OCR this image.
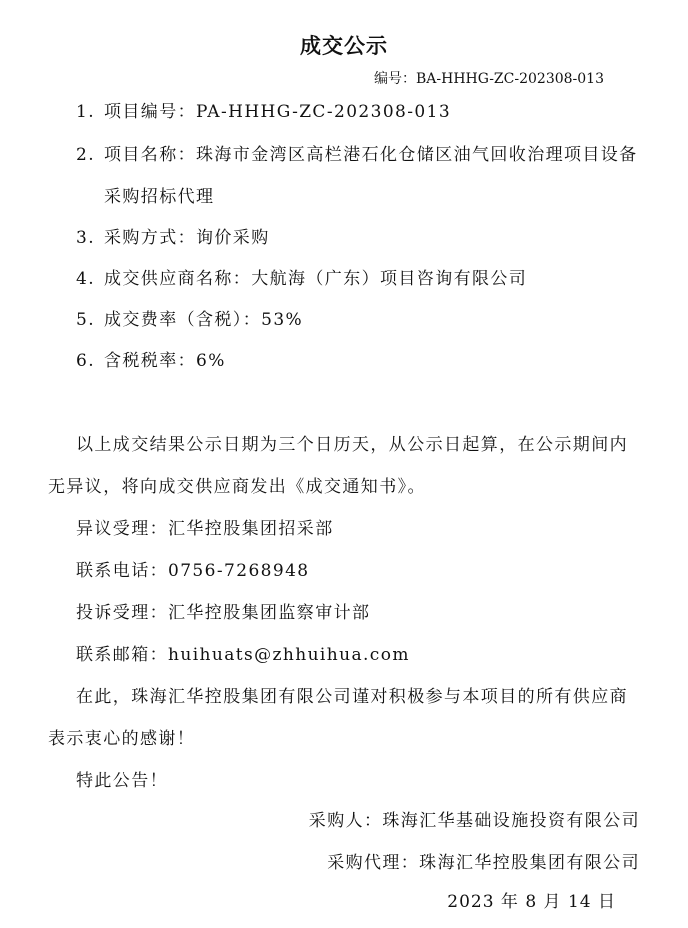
成交公示
编号：BA-HHHG-ZC-202308-013
1. 项目编号：PA-HHHG-ZC-202308-013
2. 项目名称：珠海市金湾区高栏港石化仓储区油气回收治理项目设备
采购招标代理
3. 采购方式：询价采购
4. 成交供应商名称：大航海（广东）项目咨询有限公司
5. 成交费率（含税）：53%
6. 含税税率：6%
以上成交结果公示日期为三个日历天，从公示日起算，在公示期间内
无异议，将向成交供应商发出《成交通知书》。
异议受理：汇华控股集团招采部
联系电话：0756-7268948
投诉受理：汇华控股集团监察审计部
联系邮箱：huihuats@zhhuihua.com
在此，珠海汇华控股集团有限公司谨对积极参与本项目的所有供应商
表示衷心的感谢！
特此公告！
采购人：珠海汇华基础设施投资有限公司
采购代理：珠海汇华控股集团有限公司
2023 年 8 月 14 日
